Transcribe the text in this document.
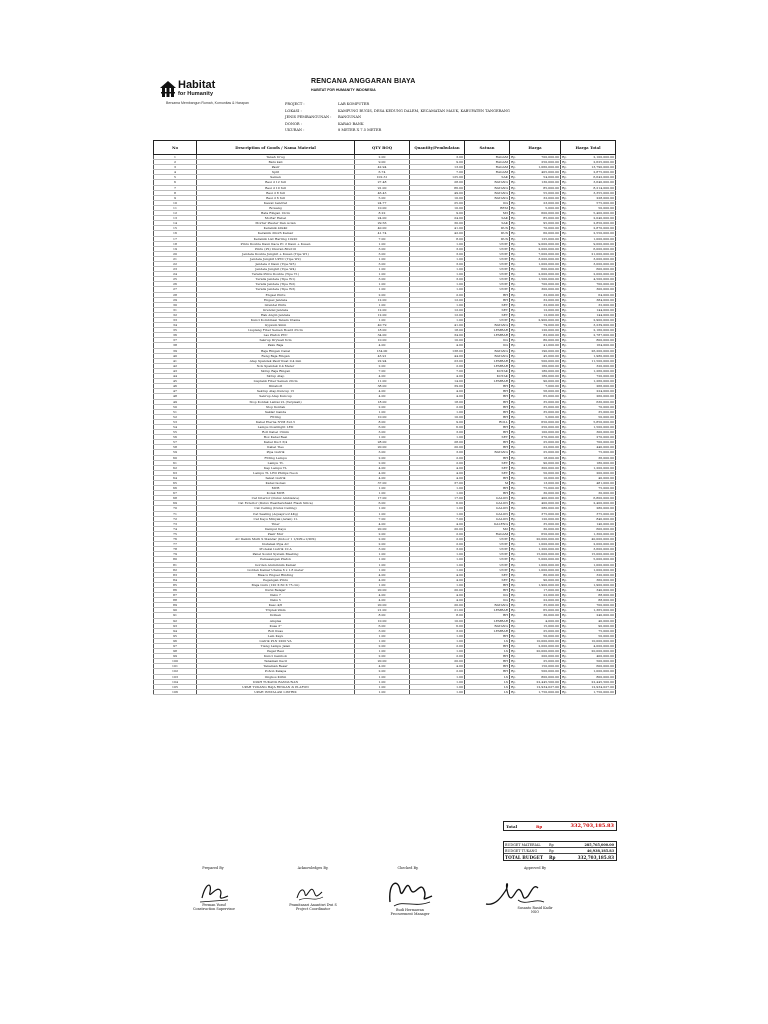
Habitat
for Humanity
Bersama Membangun Rumah, Komunitas & Harapan
RENCANA ANGGARAN BIAYA
HABITAT FOR HUMANITY INDONESIA
PROJECT :	LAB KOMPUTER
LOKASI :	KAMPUNG BUGIS, DESA KEDUNG DALEM, KECAMATAN MAUK, KABUPATEN TANGERANG
JENIS PEMBANGUNAN :	BANGUNAN
DONOR :	KARAO BANK
UKURAN :	8 METER X 7.5 METER
No	Description of Goods / Nama Material	QTY BOQ	Quantity/Pembulatan	Satuan	Harga		Harga Total	
1	Tanah Urug	2.00	3.00	RAGAM	Rp	700,000.00	Rp	2,100,000.00
2	Batu kali	9.00	9.00	RAGAM	Rp	250,000.00	Rp	2,625,000.00
3	Pasir	42.94	13.00	RAGAM	Rp	1,060,000.00	Rp	13,790,000.00
4	Split	6.74	7.00	RAGAM	Rp	405,000.00	Rp	2,875,000.00
5	Semen	102.31	125.00	SAK	Rp	54,000.00	Rp	6,642,000.00
6	Besi d 12 full	27.48	28.00	BATANG	Rp	130,000.00	Rp	3,640,000.00
7	Besi d 10 full	91.00	86.00	BATANG	Rp	85,000.00	Rp	8,214,000.00
8	Besi d 8 full	46.43	49.00	BATANG	Rp	55,000.00	Rp	3,355,000.00
9	Besi d 6 full	5.00	10.00	BATANG	Rp	32,000.00	Rp	228,000.00
10	Kawat bendrat	24.77	25.00	KG	Rp	23,000.00	Rp	575,000.00
11	Bowang	10.00	10.00	BESI	Rp	5,000.00	Rp	50,000.00
12	Bata Ringan 10cm	8.22	9.00	M3	Rp	600,000.00	Rp	5,400,000.00
13	Mortar Hebel	24.00	24.00	SAK	Rp	85,000.00	Rp	2,040,000.00
14	Mortar Plester Dan Acian	29.56	30.00	SAK	Rp	95,000.00	Rp	2,850,000.00
15	Keramik 40x40	40.00	41.00	DUS	Rp	70,000.00	Rp	2,870,000.00
16	Keramik 20x25 Kamar	41.74	42.00	DUS	Rp	60,000.00	Rp	2,550,000.00
17	Keramik List Harling 10x20	7.00	8.00	DUS	Rp	125,000.00	Rp	1,000,000.00
18	Pintu Double Daun Kaca P1 2 Daun + Kusen	1.00	1.00	UNIT	Rp	9,000,000.00	Rp	9,000,000.00
19	Pintu (P2) Ukuran 80x210	3.00	3.00	UNIT	Rp	2,000,000.00	Rp	6,000,000.00
20	Jendela Double Jungkit + Kusen (Tipe W1)	3.00	3.00	UNIT	Rp	7,000,000.00	Rp	21,000,000.00
21	Jendela Jungkit UPVC (Tipe W2)	1.00	1.00	UNIT	Rp	3,000,000.00	Rp	3,000,000.00
22	Jendela 2 Daun (Tipe W3)	3.00	3.00	UNIT	Rp	1,000,000.00	Rp	3,000,000.00
23	Jendela Jungkit (Tipe W4)	1.00	1.00	UNIT	Rp	600,000.00	Rp	600,000.00
24	Teralis Pintu Double (Tipe T1)	1.00	1.00	UNIT	Rp	2,000,000.00	Rp	2,000,000.00
25	Teralis Jendela (Tipe W1)	3.00	3.00	UNIT	Rp	1,500,000.00	Rp	4,500,000.00
26	Teralis Jendela (Tipe W2)	1.00	1.00	UNIT	Rp	700,000.00	Rp	700,000.00
27	Teralis Jendela (Tipe W3)	1.00	1.00	UNIT	Rp	300,000.00	Rp	300,000.00
28	Engsel Pintu	2.00	2.00	BH	Rp	32,000.00	Rp	64,000.00
29	Engsel Jendela	12.00	12.00	BH	Rp	32,000.00	Rp	384,000.00
30	Grendel Pintu	1.00	1.00	SET	Rp	32,000.00	Rp	32,000.00
31	Grendel Jendela	12.00	12.00	SET	Rp	12,000.00	Rp	144,000.00
32	Hak Angin Jendela	12.00	12.00	SET	Rp	12,000.00	Rp	144,000.00
33	Kunci Kombinasi Tanam Utama	1.00	1.00	UNIT	Rp	2,900,000.00	Rp	2,900,000.00
34	Gypsum 9mm	40.79	41.00	BATANG	Rp	79,000.00	Rp	3,239,000.00
35	Lisplang Fiber Semen Board 25cm	18.00	18.00	LEMBAR	Rp	120,000.00	Rp	2,160,000.00
36	Las Plafon PVC	34.00	34.00	LEMBAR	Rp	82,000.00	Rp	2,787,000.00
37	Sekrup Drywall 6cm	10.00	10.00	KG	Rp	80,000.00	Rp	800,000.00
38	Paku Baja	4.00	4.00	KG	Rp	41,000.00	Rp	164,000.00
39	Baja Ringan Canal	134.00	138.00	BATANG	Rp	190,000.00	Rp	26,200,000.00
40	Reng Baja Ringan	43.91	44.00	BATANG	Rp	45,000.00	Rp	1,980,000.00
41	Atap Spandek Pasir Kuat 0.4 mm	22.94	23.00	LEMBAR	Rp	500,000.00	Rp	11,500,000.00
42	Nok Spandek 0.4 Meter	2.00	2.00	LEMBAR	Rp	160,000.00	Rp	320,000.00
43	Skrup Baja Ringan	7.00	7.00	KOTAK	Rp	180,000.00	Rp	1,260,000.00
44	Skrup Atap	4.00	4.00	KOTAK	Rp	180,000.00	Rp	720,000.00
45	Lisplank Fiber Semen 20cm	11.00	14.00	LEMBAR	Rp	90,000.00	Rp	1,260,000.00
46	Dinabolt	38.00	39.00	BH	Rp	7,000.00	Rp	266,000.00
47	Sekrup Atap Kuncup 15	4.00	4.00	BH	Rp	56,000.00	Rp	224,000.00
48	Sekrup Atap Kuncup	4.00	4.00	BH	Rp	65,000.00	Rp	260,000.00
49	Stop Kontak Lantai 2L (Terpisah)	18.00	18.00	BH	Rp	35,000.00	Rp	630,000.00
50	Stop Kontak	2.00	2.00	BH	Rp	35,000.00	Rp	70,000.00
51	Saklar Ganda	1.00	1.00	BH	Rp	35,000.00	Rp	35,000.00
52	Fitting	10.00	10.00	BH	Rp	5,000.00	Rp	50,000.00
53	Kabel Eterna NYM 3x2.5	8.00	9.00	ROLL	Rp	650,000.00	Rp	5,850,000.00
54	Lampu Downlight LED	6.00	6.00	BH	Rp	250,000.00	Rp	1,500,000.00
55	Roll Kabel 15mm	3.00	3.00	BH	Rp	100,000.00	Rp	300,000.00
56	Box Kabel Besi	1.00	1.00	SET	Rp	270,000.00	Rp	270,000.00
57	Kabel Duct 3/4	28.00	28.00	BH	Rp	25,000.00	Rp	700,000.00
58	Kabel Ties	20.00	20.00	BH	Rp	22,000.00	Rp	440,000.00
59	Pipa Listrik	3.00	3.00	BATANG	Rp	25,000.00	Rp	75,000.00
60	Fitting Lampu	2.00	2.00	BH	Rp	18,000.00	Rp	36,000.00
61	Lampu TL	2.00	2.00	SET	Rp	90,000.00	Rp	180,000.00
62	Kap Lampu TL	4.00	4.00	SET	Rp	300,000.00	Rp	1,200,000.00
63	Lampu TL LED Philips Neon	4.00	4.00	SET	Rp	50,000.00	Rp	200,000.00
64	Sekat Listrik	4.00	4.00	BH	Rp	10,000.00	Rp	40,000.00
65	Kabel Isolasi	37.00	37.00	M	Rp	13,000.00	Rp	481,000.00
66	MCB	1.00	1.00	BH	Rp	75,000.00	Rp	75,000.00
67	Kotak MCB	1.00	1.00	BH	Rp	30,000.00	Rp	30,000.00
68	Cat Interior (Dulux Ambiance)	17.00	17.00	GALON	Rp	400,000.00	Rp	6,800,000.00
69	Cat Exterior (Dulux Weathershield Flash Silica)	6.00	6.00	GALON	Rp	400,000.00	Rp	2,400,000.00
70	Cat Ceiling (Dulux Ceiling)	1.00	1.00	GALON	Rp	280,000.00	Rp	280,000.00
71	Cat Sealing (Aquaproof 4Kg)	1.00	1.00	GALON	Rp	375,000.00	Rp	375,000.00
72	Cat Kayu Minyak (Avian) 1L	7.00	7.00	GALON	Rp	120,000.00	Rp	840,000.00
73	Tiner	4.00	4.00	KALENG	Rp	35,000.00	Rp	140,000.00
74	Dempul Kayu	20.00	20.00	M2	Rp	30,000.00	Rp	600,000.00
75	Pasir Mur	2.00	2.00	RAGAM	Rp	650,000.00	Rp	1,300,000.00
76	AC Daikin Multi S Standar (Indoor 1 1/2PK+1/2PK)	2.00	2.00	UNIT	Rp	20,000,000.00	Rp	40,000,000.00
77	Instalasi Pipa AC	2.00	2.00	UNIT	Rp	1,000,000.00	Rp	2,000,000.00
78	Proteksi Listrik 10 A	3.00	3.00	UNIT	Rp	1,200,000.00	Rp	3,600,000.00
79	Panel Sound System Meeting	1.00	1.00	UNIT	Rp	15,000,000.00	Rp	15,000,000.00
80	Pemasangan Plafon	1.00	1.00	UNIT	Rp	5,000,000.00	Rp	5,000,000.00
81	Gorden Aluminium Kamar	1.00	1.00	UNIT	Rp	1,000,000.00	Rp	1,000,000.00
82	Gorden Kamar Utama 6 x 1.8 meter	1.00	1.00	UNIT	Rp	1,000,000.00	Rp	1,000,000.00
83	Bisacu Engsel Hinding	4.00	4.00	SET	Rp	80,000.00	Rp	320,000.00
84	Pegangan Pintu	4.00	4.00	SET	Rp	90,000.00	Rp	360,000.00
85	Meja Guru (120 X 60 X 75 cm)	1.00	1.00	BH	Rp	1,900,000.00	Rp	1,900,000.00
86	Kursi Belajar	20.00	20.00	BH	Rp	17,000.00	Rp	340,000.00
87	Paku 7	4.00	4.00	KG	Rp	22,000.00	Rp	88,000.00
88	Paku 5	4.00	4.00	KG	Rp	22,000.00	Rp	88,000.00
89	Kaso 4/6	20.00	20.00	BATANG	Rp	35,000.00	Rp	700,000.00
90	Triplek 9mm	21.00	21.00	LEMBAR	Rp	65,000.00	Rp	1,365,000.00
91	Dolken	8.00	8.00	BH	Rp	30,000.00	Rp	240,000.00
92	Amplas	10.00	10.00	LEMBAR	Rp	4,000.00	Rp	40,000.00
93	Kuas 3"	6.00	6.00	BATANG	Rp	15,000.00	Rp	90,000.00
94	Roll Kuas	3.00	3.00	LEMBAR	Rp	25,000.00	Rp	75,000.00
95	Lem Kayu	1.00	1.00	BH	Rp	50,000.00	Rp	50,000.00
96	Listrik PLN 2200 VA	1.00	1.00	LS	Rp	10,000,000.00	Rp	10,000,000.00
97	Tiang Lampu Jalan	2.00	2.00	BH	Rp	2,000,000.00	Rp	4,000,000.00
98	Pagar Besi	1.00	1.00	LS	Rp	20,000,000.00	Rp	20,000,000.00
99	Kunci Gembok	2.00	2.00	BH	Rp	200,000.00	Rp	400,000.00
100	Tanaman Kecil	20.00	20.00	BH	Rp	25,000.00	Rp	500,000.00
101	Tanaman Besar	4.00	4.00	BH	Rp	150,000.00	Rp	600,000.00
102	Pohon Kelapa	2.00	2.00	BH	Rp	500,000.00	Rp	1,000,000.00
103	Ongkos Kirim	1.00	1.00	LS	Rp	800,000.00	Rp	800,000.00
104	UPAH TUKANG BANGUNAN	1.00	1.00	LS	Rp	22,445,500.00	Rp	22,445,500.00
105	UPAH TUKANG BAJA RINGAN & PLAFON	1.00	1.00	LS	Rp	12,934,027.00	Rp	12,934,027.00
106	UPAH INSTALASI LISTRIK	1.00	1.00	LS	Rp	1,750,000.00	Rp	1,750,000.00
Total	Rp	332,703,185.83
BUDGET MATERIAL	Rp	285,765,000.00
BUDGET TUKANG	Rp	46,938,185.83
TOTAL BUDGET	Rp	332,703,185.83
Prepared By
Ferman Yusuf
Construction Supervisor
Acknowledges By,
Pramitasari Anantiwi Dwi S
Project Coordinator
Checked By,
Budi Hermawan
Procurement Manager
Approved By
Susanto Rasid Kadir
NSO
